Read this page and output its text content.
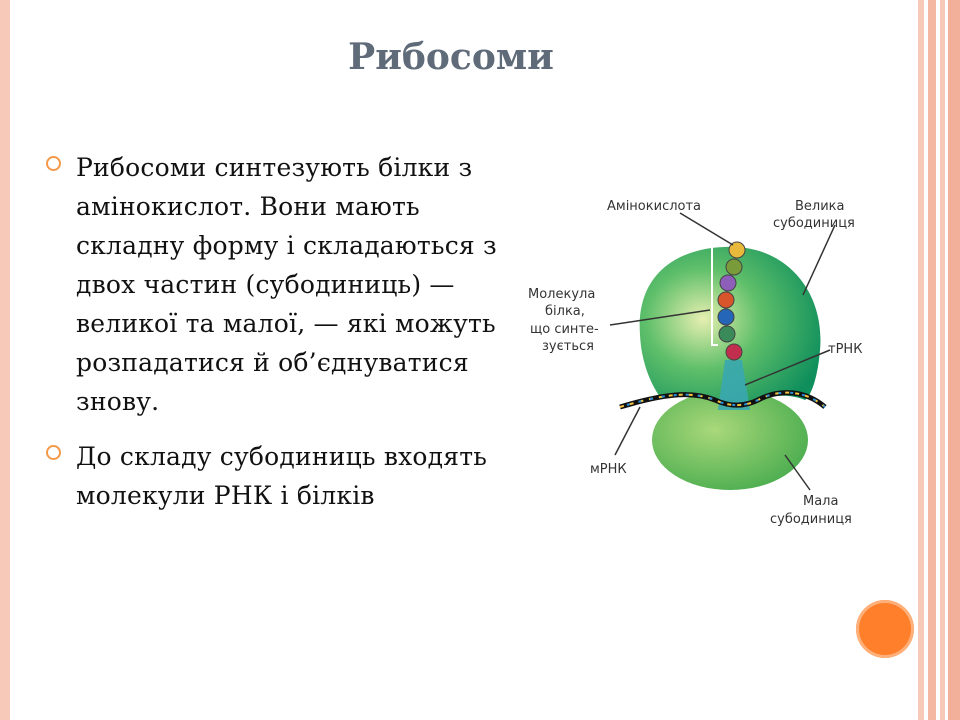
Рибосоми
Рибосоми синтезують білки з амінокислот. Вони мають складну форму і складаються з двох частин (субодиниць) — великої та малої, — які можуть розпадатися й об’єднуватися знову.
До складу субодиниць входять молекули РНК і білків
Амінокислота	Велика
субодиниця
Молекула
білка,
що синте-
зується	тРНК
мРНК
Мала
субодиниця
